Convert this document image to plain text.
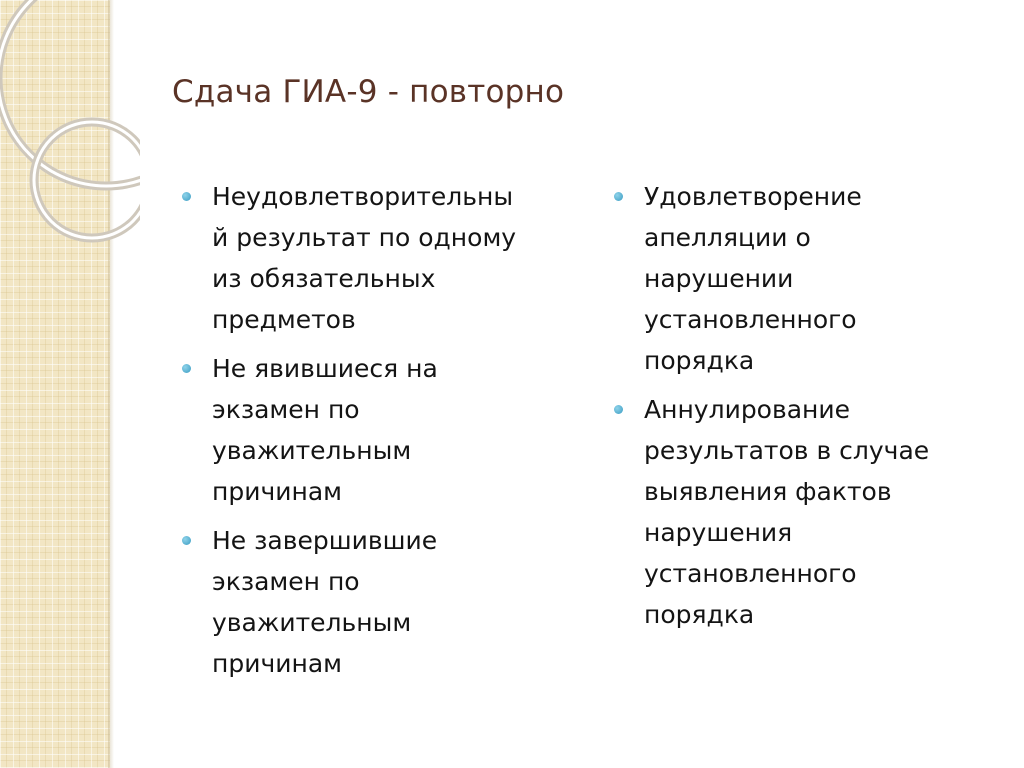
Сдача ГИА-9 - повторно
Неудовлетворительны
й результат по одному
из обязательных
предметов
Не явившиеся на
экзамен по
уважительным
причинам
Не завершившие
экзамен по
уважительным
причинам
Удовлетворение
апелляции о
нарушении
установленного
порядка
Аннулирование
результатов в случае
выявления фактов
нарушения
установленного
порядка
